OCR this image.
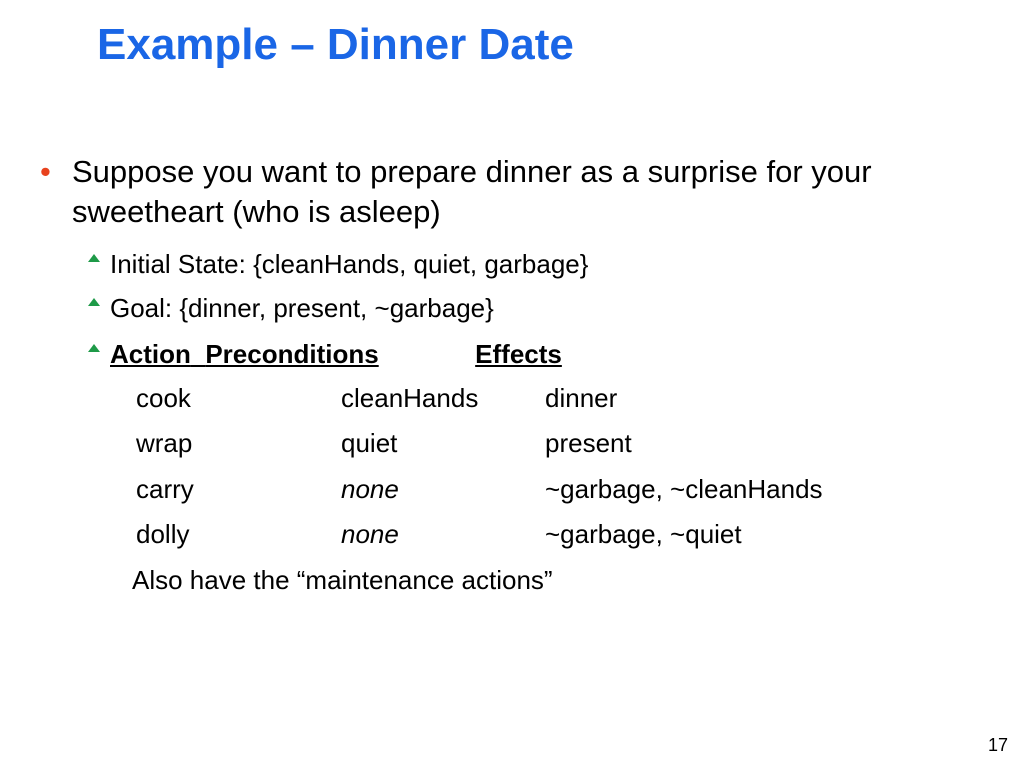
Example – Dinner Date
• Suppose you want to prepare dinner as a surprise for your sweetheart (who is asleep)
Initial State: {cleanHands, quiet, garbage}
Goal: {dinner, present, ~garbage}
Action Preconditions	Effects
cook	cleanHands	dinner
wrap	quiet	present
carry	none	~garbage, ~cleanHands
dolly	none	~garbage, ~quiet
Also have the “maintenance actions”
17
